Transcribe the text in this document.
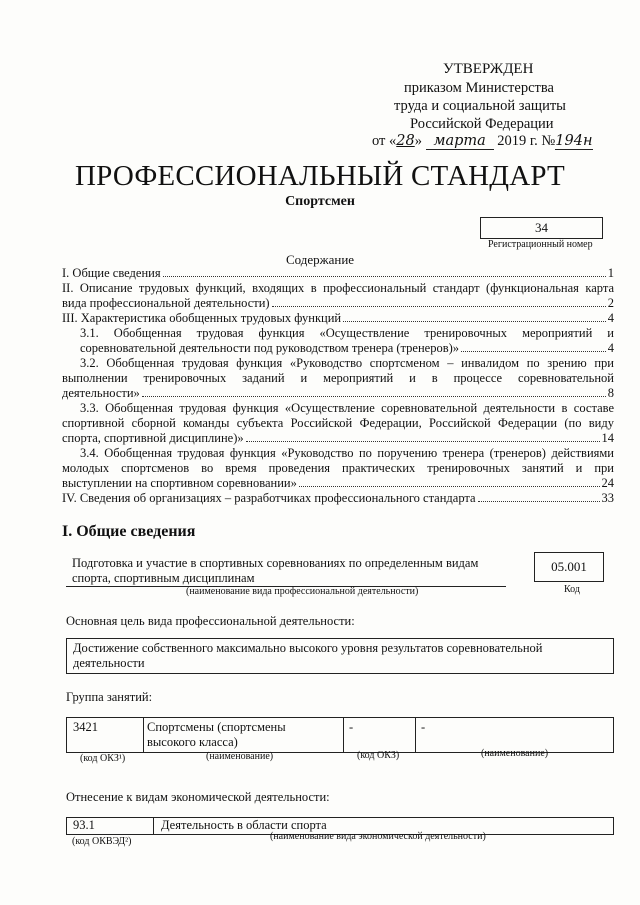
УТВЕРЖДЕН
приказом Министерства
труда и социальной защиты
Российской Федерации
от «28» марта 2019 г. №194н
ПРОФЕССИОНАЛЬНЫЙ СТАНДАРТ
Спортсмен
34
Регистрационный номер
Содержание
I. Общие сведения	1
II. Описание трудовых функций, входящих в профессиональный стандарт (функциональная карта
вида профессиональной деятельности)	2
III. Характеристика обобщенных трудовых функций	4
3.1. Обобщенная трудовая функция «Осуществление тренировочных мероприятий и
соревновательной деятельности под руководством тренера (тренеров)»	4
3.2. Обобщенная трудовая функция «Руководство спортсменом – инвалидом по зрению при
выполнении тренировочных заданий и мероприятий и в процессе соревновательной
деятельности»	8
3.3. Обобщенная трудовая функция «Осуществление соревновательной деятельности в составе
спортивной сборной команды субъекта Российской Федерации, Российской Федерации (по виду
спорта, спортивной дисциплине)»	14
3.4. Обобщенная трудовая функция «Руководство по поручению тренера (тренеров) действиями
молодых спортсменов во время проведения практических тренировочных занятий и при
выступлении на спортивном соревновании»	24
IV. Сведения об организациях – разработчиках профессионального стандарта	33
I. Общие сведения
Подготовка и участие в спортивных соревнованиях по определенным видам
спорта, спортивным дисциплинам
(наименование вида профессиональной деятельности)
05.001
Код
Основная цель вида профессиональной деятельности:
Достижение собственного максимально высокого уровня результатов соревновательной
деятельности
Группа занятий:
3421	Спортсмены (спортсмены
высокого класса)
-	-
(код ОКЗ¹)	(наименование)	(код ОКЗ)	(наименование)
Отнесение к видам экономической деятельности:
93.1	Деятельность в области спорта
(код ОКВЭД²)	(наименование вида экономической деятельности)
